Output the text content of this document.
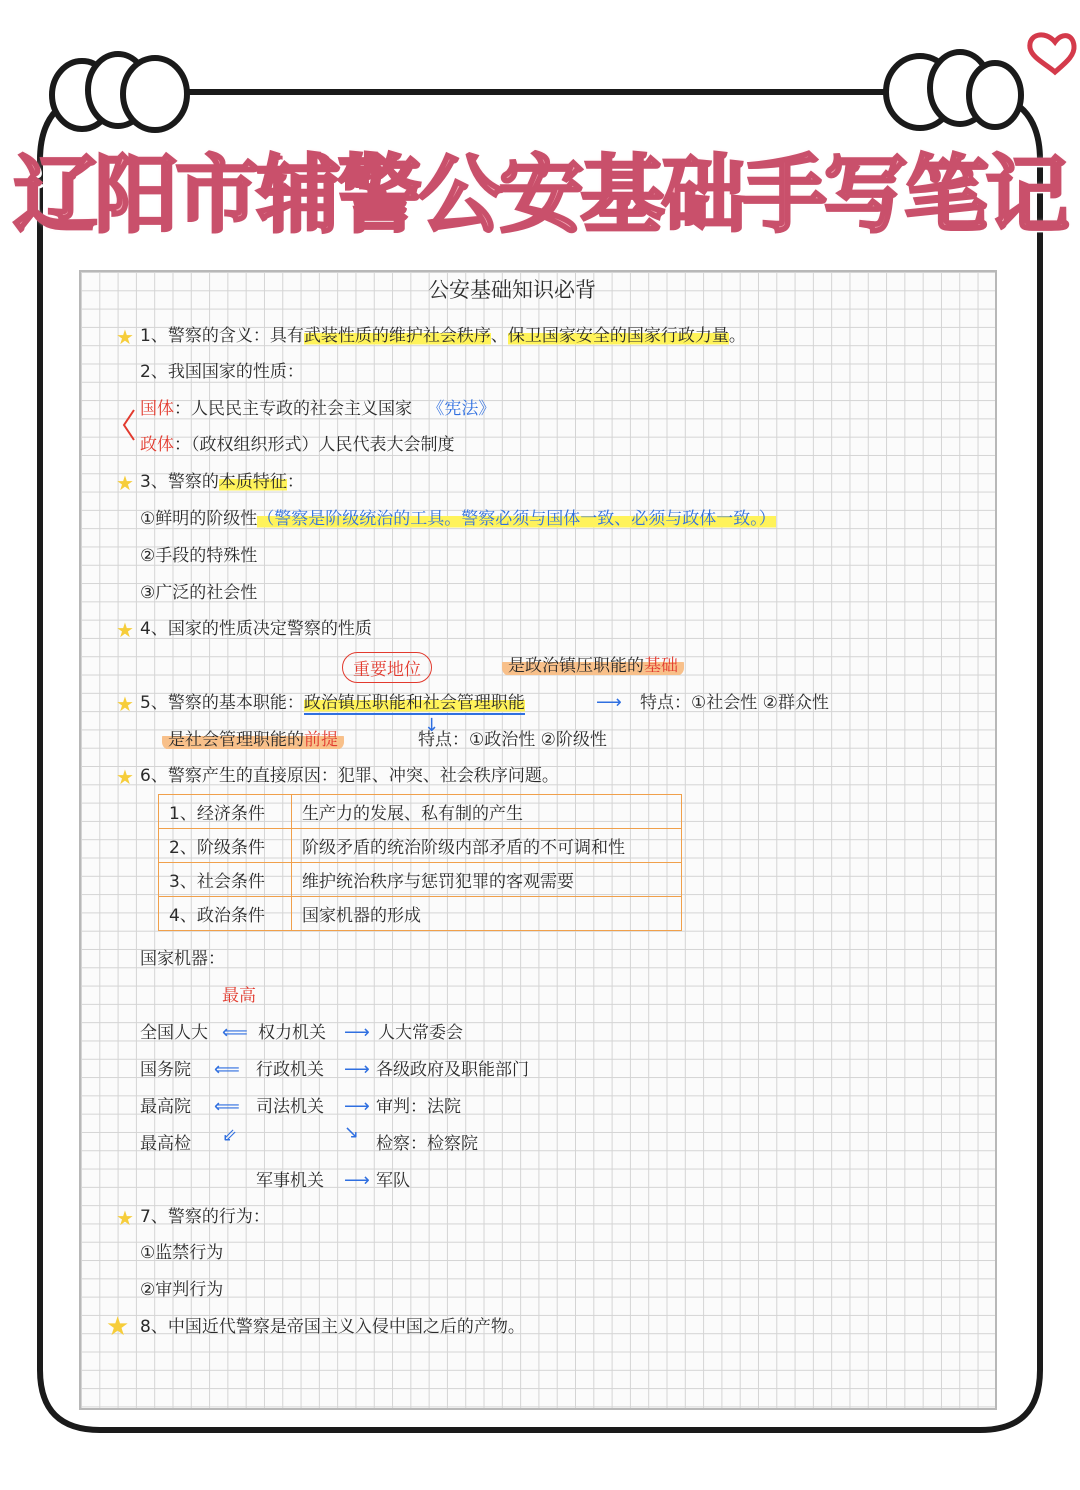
辽阳市辅警公安基础手写笔记
公安基础知识必背
★ 1、警察的含义：具有武装性质的维护社会秩序、保卫国家安全的国家行政力量。
2、我国国家的性质：
国体：人民民主专政的社会主义国家 《宪法》
政体：（政权组织形式）人民代表大会制度
★ 3、警察的本质特征：
①鲜明的阶级性（警察是阶级统治的工具。警察必须与国体一致、必须与政体一致。）
②手段的特殊性
③广泛的社会性
★ 4、国家的性质决定警察的性质
重要地位	是政治镇压职能的基础
★ 5、警察的基本职能：政治镇压职能和社会管理职能	⟶ 特点：①社会性 ②群众性
↓
是社会管理职能的前提	特点：①政治性 ②阶级性
★ 6、警察产生的直接原因：犯罪、冲突、社会秩序问题。
1、经济条件	生产力的发展、私有制的产生
2、阶级条件	阶级矛盾的统治阶级内部矛盾的不可调和性
3、社会条件	维护统治秩序与惩罚犯罪的客观需要
4、政治条件	国家机器的形成
国家机器：
最高
全国人大 ⟸ 权力机关 ⟶ 人大常委会
国务院 ⟸ 行政机关 ⟶ 各级政府及职能部门
最高院 ⟸ 司法机关 ⟶ 审判：法院
最高检 ⇙	↘
检察：检察院
军事机关 ⟶ 军队
★ 7、警察的行为：
①监禁行为
②审判行为
★ 8、中国近代警察是帝国主义入侵中国之后的产物。
